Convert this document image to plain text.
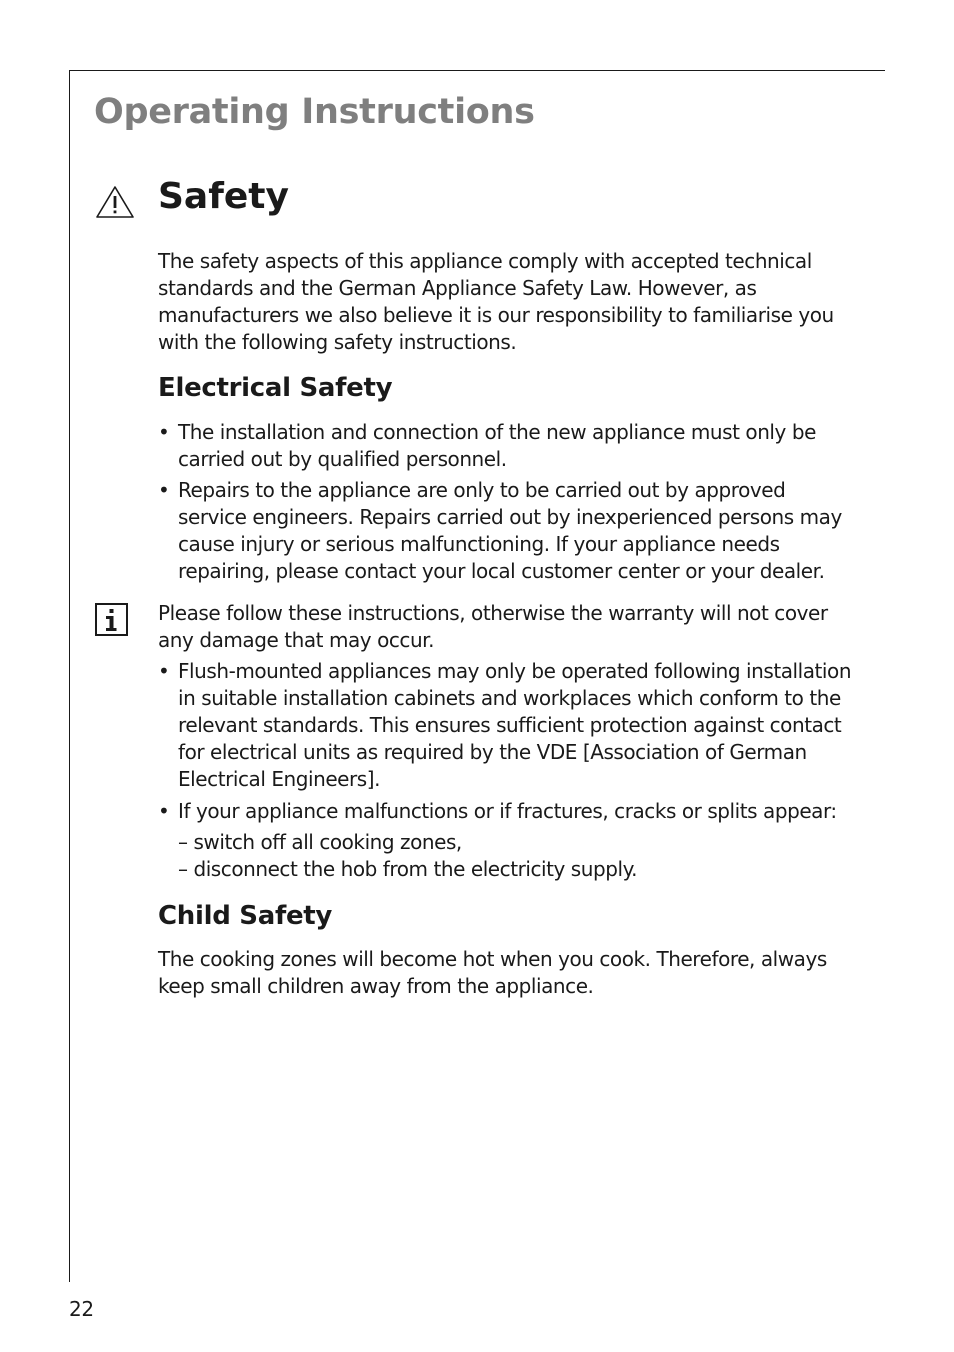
Operating Instructions
Safety

The safety aspects of this appliance comply with accepted technical standards and the German Appliance Safety Law. However, as manufacturers we also believe it is our responsibility to familiarise you with the following safety instructions.

Electrical Safety
• The installation and connection of the new appliance must only be carried out by qualified personnel.
• Repairs to the appliance are only to be carried out by approved service engineers. Repairs carried out by inexperienced persons may cause injury or serious malfunctioning. If your appliance needs repairing, please contact your local customer center or your dealer.

Please follow these instructions, otherwise the warranty will not cover any damage that may occur.

• Flush-mounted appliances may only be operated following installation in suitable installation cabinets and workplaces which conform to the relevant standards. This ensures sufficient protection against contact for electrical units as required by the VDE [Association of German Electrical Engineers].
• If your appliance malfunctions or if fractures, cracks or splits appear:
– switch off all cooking zones,
– disconnect the hob from the electricity supply.
Child Safety

The cooking zones will become hot when you cook. Therefore, always keep small children away from the appliance.

22
